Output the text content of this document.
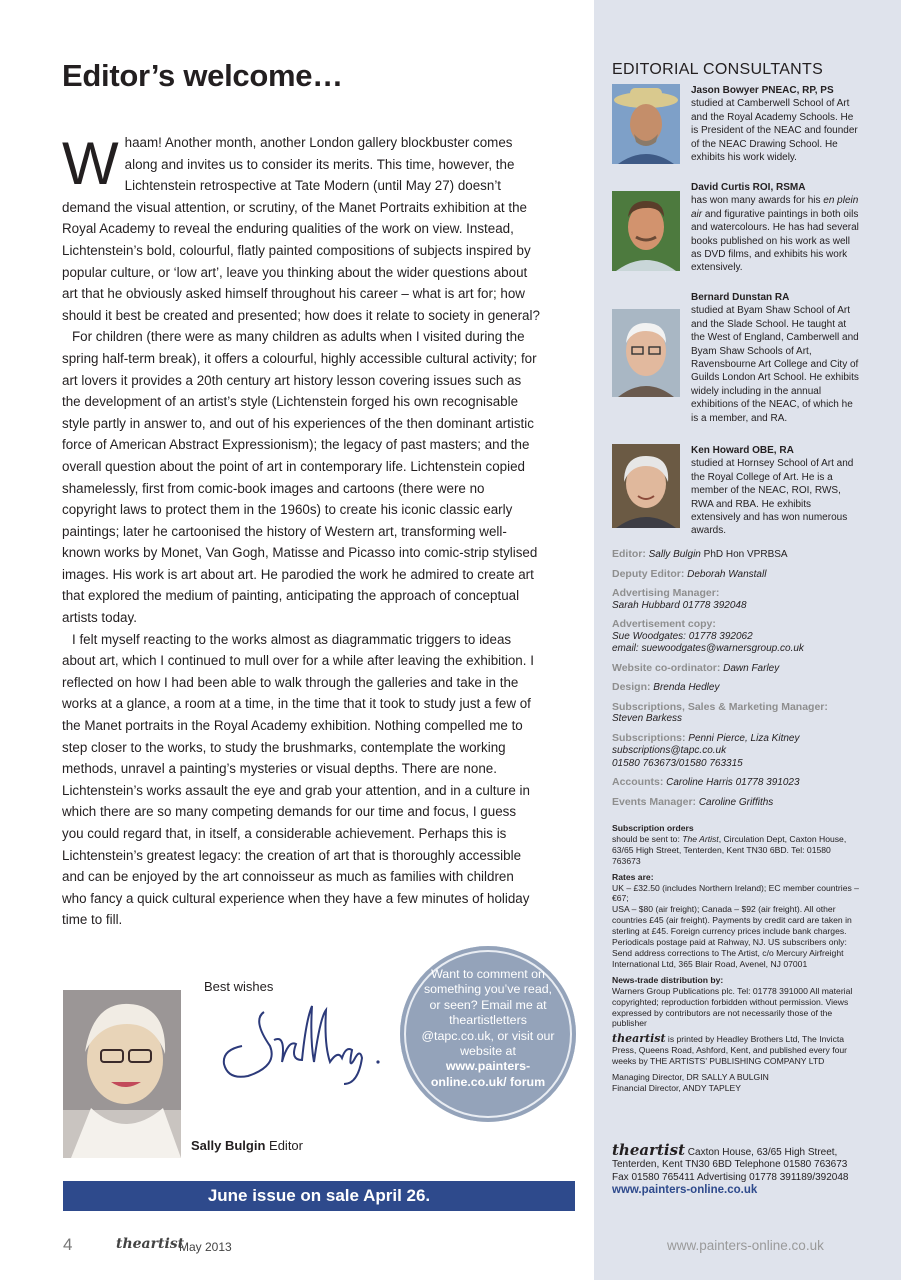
Editor’s welcome…

Whaam! Another month, another London gallery blockbuster comes along and invites us to consider its merits. This time, however, the Lichtenstein retrospective at Tate Modern (until May 27) doesn’t demand the visual attention, or scrutiny, of the Manet Portraits exhibition at the Royal Academy to reveal the enduring qualities of the work on view. Instead, Lichtenstein’s bold, colourful, flatly painted compositions of subjects inspired by popular culture, or ‘low art’, leave you thinking about the wider questions about art that he obviously asked himself throughout his career – what is art for; how should it best be created and presented; how does it relate to society in general?

For children (there were as many children as adults when I visited during the spring half-term break), it offers a colourful, highly accessible cultural activity; for art lovers it provides a 20th century art history lesson covering issues such as the development of an artist’s style (Lichtenstein forged his own recognisable style partly in answer to, and out of his experiences of the then dominant artistic force of American Abstract Expressionism); the legacy of past masters; and the overall question about the point of art in contemporary life. Lichtenstein copied shamelessly, first from comic-book images and cartoons (there were no copyright laws to protect them in the 1960s) to create his iconic classic early paintings; later he cartoonised the history of Western art, transforming well-known works by Monet, Van Gogh, Matisse and Picasso into comic-strip stylised images. His work is art about art. He parodied the work he admired to create art that explored the medium of painting, anticipating the approach of conceptual artists today.

I felt myself reacting to the works almost as diagrammatic triggers to ideas about art, which I continued to mull over for a while after leaving the exhibition. I reflected on how I had been able to walk through the galleries and take in the works at a glance, a room at a time, in the time that it took to study just a few of the Manet portraits in the Royal Academy exhibition. Nothing compelled me to step closer to the works, to study the brushmarks, contemplate the working methods, unravel a painting’s mysteries or visual depths. There are none. Lichtenstein’s works assault the eye and grab your attention, and in a culture in which there are so many competing demands for our time and focus, I guess you could regard that, in itself, a considerable achievement. Perhaps this is Lichtenstein’s greatest legacy: the creation of art that is thoroughly accessible and can be enjoyed by the art connoisseur as much as families with children who fancy a quick cultural experience when they have a few minutes of holiday time to fill.

Best wishes
Sally Bulgin Editor
Want to comment on something you’ve read, or seen? Email me at theartistletters @tapc.co.uk, or visit our website at
www.painters-online.co.uk/ forum
June issue on sale April 26.
4	theartist
May 2013	www.painters-online.co.uk
EDITORIAL CONSULTANTS
Jason Bowyer PNEAC, RP, PS
studied at Camberwell School of Art and the Royal Academy Schools. He is President of the NEAC and founder of the NEAC Drawing School. He exhibits his work widely.
David Curtis ROI, RSMA
has won many awards for his en plein air and figurative paintings in both oils and watercolours. He has had several books published on his work as well as DVD films, and exhibits his work extensively.
Bernard Dunstan RA
studied at Byam Shaw School of Art and the Slade School. He taught at the West of England, Camberwell and Byam Shaw Schools of Art, Ravensbourne Art College and City of Guilds London Art School. He exhibits widely including in the annual exhibitions of the NEAC, of which he is a member, and RA.
Ken Howard OBE, RA
studied at Hornsey School of Art and the Royal College of Art. He is a member of the NEAC, ROI, RWS, RWA and RBA. He exhibits extensively and has won numerous awards.
Editor: Sally Bulgin PhD Hon VPRBSA
Deputy Editor: Deborah Wanstall
Advertising Manager:
Sarah Hubbard 01778 392048
Advertisement copy:
Sue Woodgates: 01778 392062
email: suewoodgates@warnersgroup.co.uk
Website co-ordinator: Dawn Farley
Design: Brenda Hedley
Subscriptions, Sales & Marketing Manager:
Steven Barkess
Subscriptions: Penni Pierce, Liza Kitney
subscriptions@tapc.co.uk
01580 763673/01580 763315
Accounts: Caroline Harris 01778 391023
Events Manager: Caroline Griffiths
Subscription orders
should be sent to: The Artist, Circulation Dept, Caxton House, 63/65 High Street, Tenterden, Kent TN30 6BD. Tel: 01580 763673
Rates are:
UK – £32.50 (includes Northern Ireland); EC member countries – €67;
USA – $80 (air freight); Canada – $92 (air freight). All other countries £45 (air freight). Payments by credit card are taken in sterling at £45. Foreign currency prices include bank charges. Periodicals postage paid at Rahway, NJ. US subscribers only: Send address corrections to The Artist, c/o Mercury Airfreight International Ltd, 365 Blair Road, Avenel, NJ 07001
News-trade distribution by:
Warners Group Publications plc. Tel: 01778 391000 All material copyrighted; reproduction forbidden without permission. Views expressed by contributors are not necessarily those of the publisher
theartist is printed by Headley Brothers Ltd, The Invicta Press, Queens Road, Ashford, Kent, and published every four weeks by THE ARTISTS’ PUBLISHING COMPANY LTD
Managing Director, DR SALLY A BULGIN
Financial Director, ANDY TAPLEY
theartist Caxton House, 63/65 High Street, Tenterden, Kent TN30 6BD Telephone 01580 763673 Fax 01580 765411 Advertising 01778 391189/392048
www.painters-online.co.uk
